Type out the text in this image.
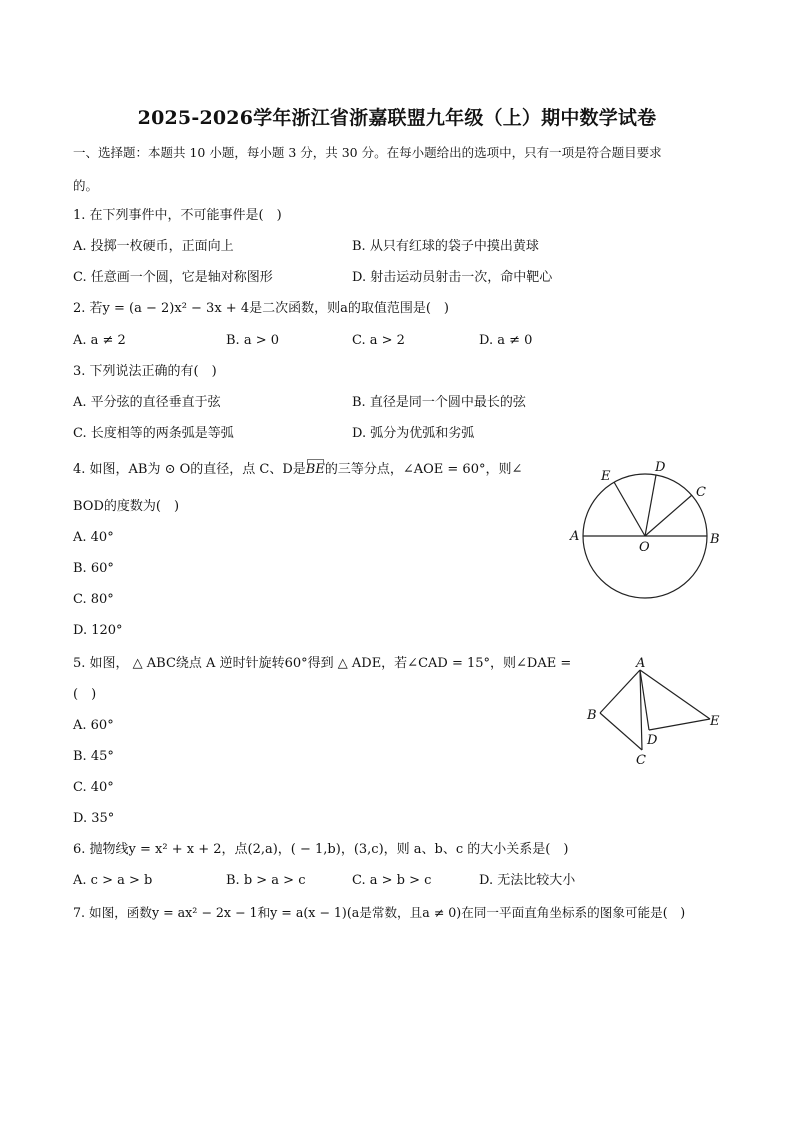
2025-2026学年浙江省浙嘉联盟九年级（上）期中数学试卷
一、选择题：本题共 10 小题，每小题 3 分，共 30 分。在每小题给出的选项中，只有一项是符合题目要求
的。
1. 在下列事件中，不可能事件是(　)
A. 投掷一枚硬币，正面向上	B. 从只有红球的袋子中摸出黄球
C. 任意画一个圆，它是轴对称图形	D. 射击运动员射击一次，命中靶心
2. 若y = (a − 2)x² − 3x + 4是二次函数，则a的取值范围是(　)
A. a ≠ 2	B. a > 0	C. a > 2	D. a ≠ 0
3. 下列说法正确的有(　)
A. 平分弦的直径垂直于弦	B. 直径是同一个圆中最长的弦
C. 长度相等的两条弧是等弧	D. 弧分为优弧和劣弧
4. 如图，AB为 ⊙ O的直径，点 C、D是
BE的三等分点，∠AOE = 60°，则∠
BOD的度数为(　)
A. 40°
B. 60°
C. 80°
D. 120°
A	B
O
C
D
E
5. 如图， △ ABC绕点 A 逆时针旋转60°得到 △ ADE，若∠CAD = 15°，则∠DAE =
(　)
A. 60°
B. 45°
C. 40°
D. 35°
A
B
C
D
E
6. 抛物线y = x² + x + 2，点(2,a)，( − 1,b)，(3,c)，则 a、b、c 的大小关系是(　)
A. c > a > b	B. b > a > c	C. a > b > c	D. 无法比较大小
7. 如图，函数y = ax² − 2x − 1和y = a(x − 1)(a是常数，且a ≠ 0)在同一平面直角坐标系的图象可能是(　)
